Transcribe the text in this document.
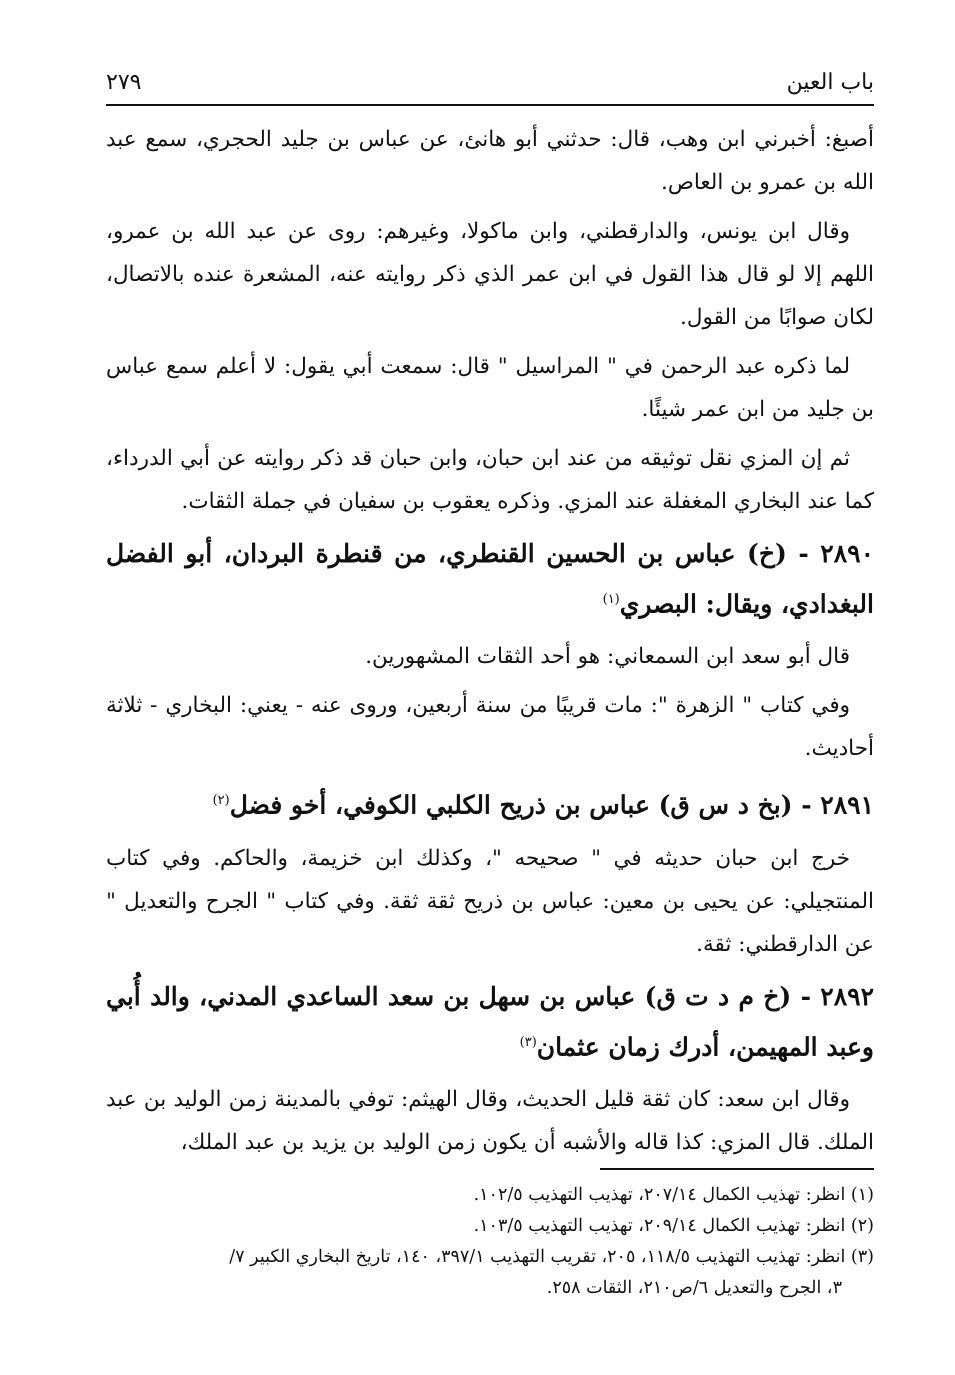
باب العين
٢٧٩

أصبغ: أخبرني ابن وهب، قال: حدثني أبو هانئ، عن عباس بن جليد الحجري، سمع عبد الله بن عمرو بن العاص.

وقال ابن يونس، والدارقطني، وابن ماكولا، وغيرهم: روى عن عبد الله بن عمرو، اللهم إلا لو قال هذا القول في ابن عمر الذي ذكر روايته عنه، المشعرة عنده بالاتصال، لكان صوابًا من القول.

لما ذكره عبد الرحمن في " المراسيل " قال: سمعت أبي يقول: لا أعلم سمع عباس بن جليد من ابن عمر شيئًا.

ثم إن المزي نقل توثيقه من عند ابن حبان، وابن حبان قد ذكر روايته عن أبي الدرداء، كما عند البخاري المغفلة عند المزي. وذكره يعقوب بن سفيان في جملة الثقات.

٢٨٩٠ - (خ) عباس بن الحسين القنطري، من قنطرة البردان، أبو الفضل البغدادي، ويقال: البصري$^{(١)}$

قال أبو سعد ابن السمعاني: هو أحد الثقات المشهورين.

وفي كتاب " الزهرة ": مات قريبًا من سنة أربعين، وروى عنه - يعني: البخاري - ثلاثة أحاديث.

٢٨٩١ - (بخ د س ق) عباس بن ذريح الكلبي الكوفي، أخو فضل$^{(٢)}$

خرج ابن حبان حديثه في " صحيحه "، وكذلك ابن خزيمة، والحاكم. وفي كتاب المنتجيلي: عن يحيى بن معين: عباس بن ذريح ثقة ثقة. وفي كتاب " الجرح والتعديل " عن الدارقطني: ثقة.

٢٨٩٢ - (خ م د ت ق) عباس بن سهل بن سعد الساعدي المدني، والد أُبي وعبد المهيمن، أدرك زمان عثمان$^{(٣)}$

وقال ابن سعد: كان ثقة قليل الحديث، وقال الهيثم: توفي بالمدينة زمن الوليد بن عبد الملك. قال المزي: كذا قاله والأشبه أن يكون زمن الوليد بن يزيد بن عبد الملك،

(١) انظر: تهذيب الكمال ٢٠٧/١٤، تهذيب التهذيب ١٠٢/٥.

(٢) انظر: تهذيب الكمال ٢٠٩/١٤، تهذيب التهذيب ١٠٣/٥.

(٣) انظر: تهذيب التهذيب ١١٨/٥، ٢٠٥، تقريب التهذيب ٣٩٧/١، ١٤٠، تاريخ البخاري الكبير ٧/

٣، الجرح والتعديل ٦/ص٢١٠، الثقات ٢٥٨.
